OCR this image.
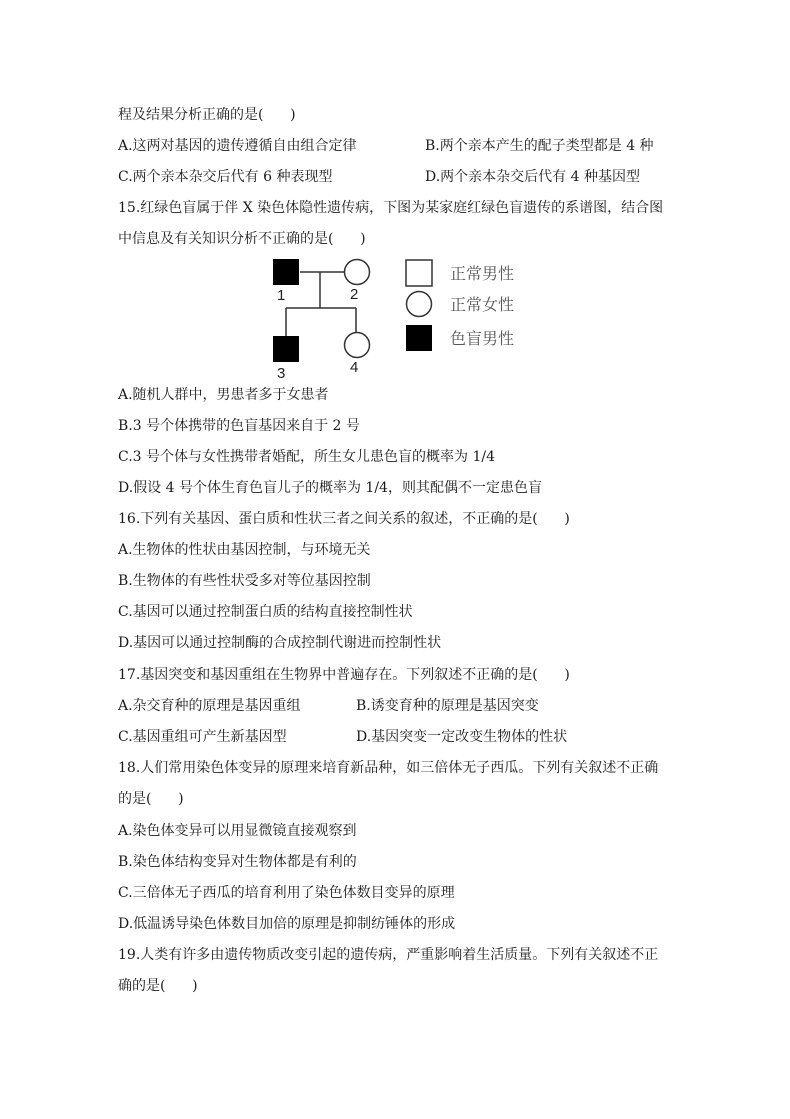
程及结果分析正确的是(      )
A.这两对基因的遗传遵循自由组合定律	B.两个亲本产生的配子类型都是 4 种
C.两个亲本杂交后代有 6 种表现型	D.两个亲本杂交后代有 4 种基因型
15.红绿色盲属于伴 X 染色体隐性遗传病，下图为某家庭红绿色盲遗传的系谱图，结合图
中信息及有关知识分析不正确的是(      )
1	2
3	4
正常男性
正常女性
色盲男性
A.随机人群中，男患者多于女患者
B.3 号个体携带的色盲基因来自于 2 号
C.3 号个体与女性携带者婚配，所生女儿患色盲的概率为 1/4
D.假设 4 号个体生育色盲儿子的概率为 1/4，则其配偶不一定患色盲
16.下列有关基因、蛋白质和性状三者之间关系的叙述，不正确的是(      )
A.生物体的性状由基因控制，与环境无关
B.生物体的有些性状受多对等位基因控制
C.基因可以通过控制蛋白质的结构直接控制性状
D.基因可以通过控制酶的合成控制代谢进而控制性状
17.基因突变和基因重组在生物界中普遍存在。下列叙述不正确的是(      )
A.杂交育种的原理是基因重组	B.诱变育种的原理是基因突变
C.基因重组可产生新基因型	D.基因突变一定改变生物体的性状
18.人们常用染色体变异的原理来培育新品种，如三倍体无子西瓜。下列有关叙述不正确
的是(      )
A.染色体变异可以用显微镜直接观察到
B.染色体结构变异对生物体都是有利的
C.三倍体无子西瓜的培育利用了染色体数目变异的原理
D.低温诱导染色体数目加倍的原理是抑制纺锤体的形成
19.人类有许多由遗传物质改变引起的遗传病，严重影响着生活质量。下列有关叙述不正
确的是(      )
